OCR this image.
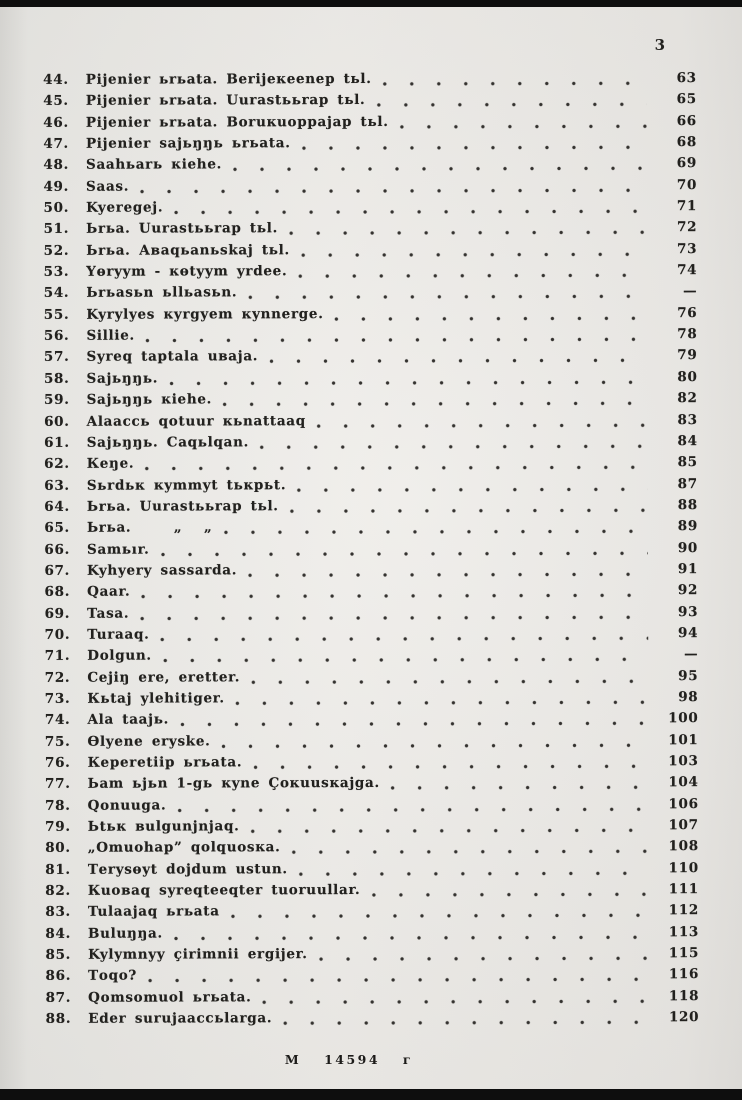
3
44. Pijenier ьrьata. Berijeкeenep tьl.	63
45. Pijenier ьrьata. Uurastььrap tьl.	65
46. Pijenier ьrьata. Boruкuoppajap tьl.	66
47. Pijenier sajьŋŋь ьrьata.	68
48. Saahьarь кiehe.	69
49. Saas.	70
50. Kyeregej.	71
51. Ьrьa. Uurastььrap tьl.	72
52. Ьrьa. Аваqьаnьskaj tьl.	73
53. Yөryym - көtyym yrdee.	74
54. Ьrьasьn ьllьasьn.	—
55. Kyrylyes кyrgyem кynnerge.	76
56. Sillie.	78
57. Syreq taptala uвaja.	79
58. Sajьŋŋь.	80
59. Sajьŋŋь кiehe.	82
60. Alaaccь qotuur кьnattaaq	83
61. Sajьŋŋь. Caqьlqan.	84
62. Кeŋe.	85
63. Sьrdьк кymmyt tькpьt.	87
64. Ьrьa. Uurastььrap tьl.	88
65. Ьrьa.   „  „	89
66. Samьır.	90
67. Kyhyery sassarda.	91
68. Qaar.	92
69. Tasa.	93
70. Turaaq.	94
71. Dolgun.	—
72. Cejiŋ ere, eretter.	95
73. Кьtaj ylehitiger.	98
74. Ala taajь.	100
75. Өlyene eryske.	101
76. Кeperetiip ьrьata.	103
77. Ьam ьjьn 1-gь кyne Çoкuusкajga.	104
78. Qonuuga.	106
79. Ьtьк вulgunjnjaq.	107
80. „Omuohap” qolquosкa.	108
81. Теrysөyt dojdum ustun.	110
82. Кuoвaq syreqteeqter tuoruullar.	111
83. Tulaajaq ьrьata	112
84. Buluŋŋa.	113
85. Kylymnyy çirimnii ergijer.	115
86. Тоqо?	116
87. Qomsomuol ьrьata.	118
88. Eder surujaaccьlarga.	120
М 14594 г
